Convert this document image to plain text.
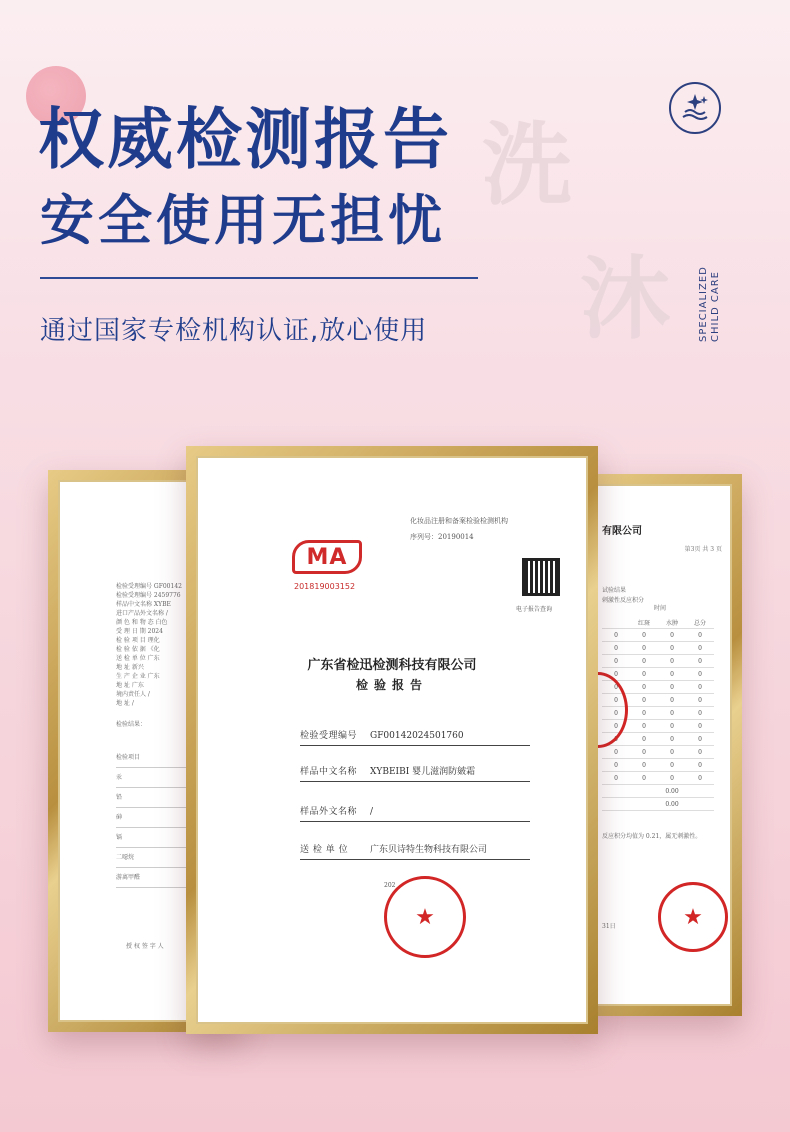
权威检测报告
安全使用无担忧

通过国家专检机构认证,放心使用

洗
沐	SPECIALIZED CHILD CARE
检验受理编号 GF00142
检验受理编号 2459776
样品中文名称 XYBE
进口产品外文名称 /
颜 色 和 物 态 白色
受 理 日 期 2024
检 验 项 目 理化
检 验 依 据 《化
送 检 单 位 广东
地 址 新兴
生 产 企 业 广东
地 址 广东
境内责任人 /
地 址 /
检验结果：
检验项目
汞
铅
砷
镉
二噁烷
游离甲醛
授 权 签 字 人
有限公司
第3页 共 3 页
试验结果
刺激性反应积分
时间
红斑	水肿	总分
0	0	0	0
0	0	0	0
0	0	0	0
0	0	0	0
0	0	0	0
0	0	0	0
0	0	0	0
0	0	0	0
0	0	0	0
0	0	0	0
0	0	0	0
0	0	0	0
0.00
0.00
反应积分均值为 0.21，属无刺激性。
★
31日
化妆品注册和备案检验检测机构
序列号：20190014
MA
201819003152
电子报告查询
广东省检迅检测科技有限公司
检验报告
检验受理编号 GF00142024501760
样品中文名称 XYBEIBI 婴儿滋润防皴霜
样品外文名称 /
送 检 单 位 广东贝诗特生物科技有限公司
202
★
